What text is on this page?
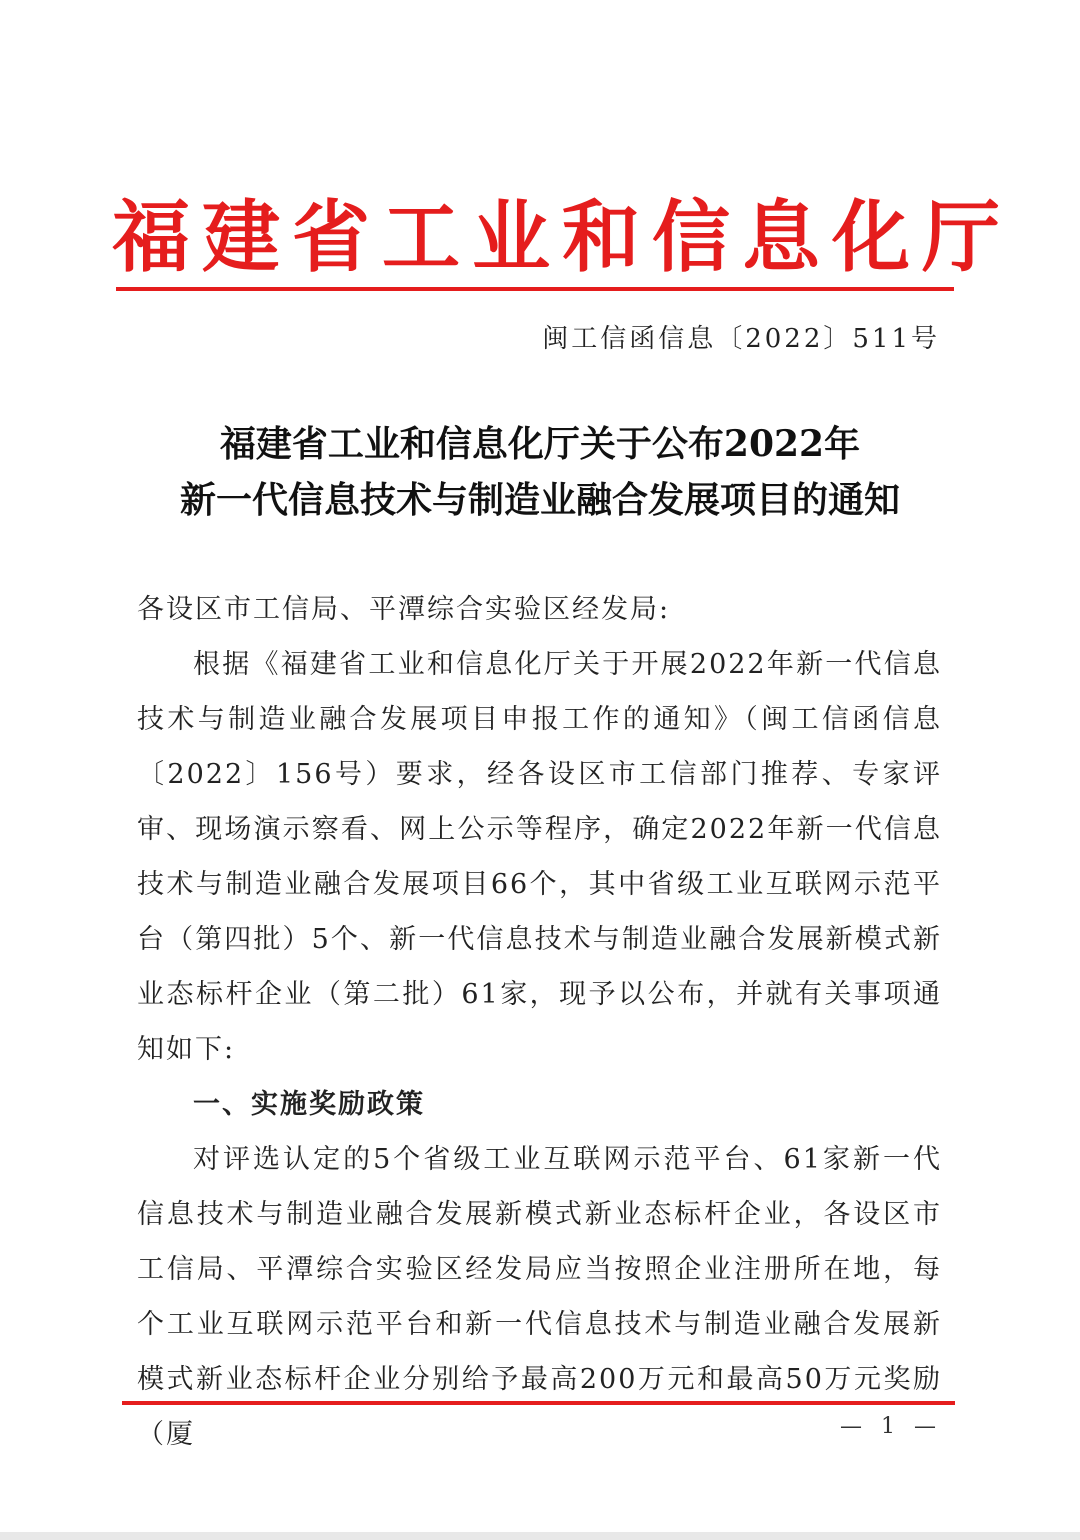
福建省工业和信息化厅
闽工信函信息〔2022〕511号
福建省工业和信息化厅关于公布2022年
新一代信息技术与制造业融合发展项目的通知

各设区市工信局、平潭综合实验区经发局:

根据《福建省工业和信息化厅关于开展2022年新一代信息技术与制造业融合发展项目申报工作的通知》（闽工信函信息〔2022〕156号）要求，经各设区市工信部门推荐、专家评审、现场演示察看、网上公示等程序，确定2022年新一代信息技术与制造业融合发展项目66个，其中省级工业互联网示范平台（第四批）5个、新一代信息技术与制造业融合发展新模式新业态标杆企业（第二批）61家，现予以公布，并就有关事项通知如下:

一、实施奖励政策

对评选认定的5个省级工业互联网示范平台、61家新一代信息技术与制造业融合发展新模式新业态标杆企业，各设区市工信局、平潭综合实验区经发局应当按照企业注册所在地，每个工业互联网示范平台和新一代信息技术与制造业融合发展新模式新业态标杆企业分别给予最高200万元和最高50万元奖励（厦	— 1 —
